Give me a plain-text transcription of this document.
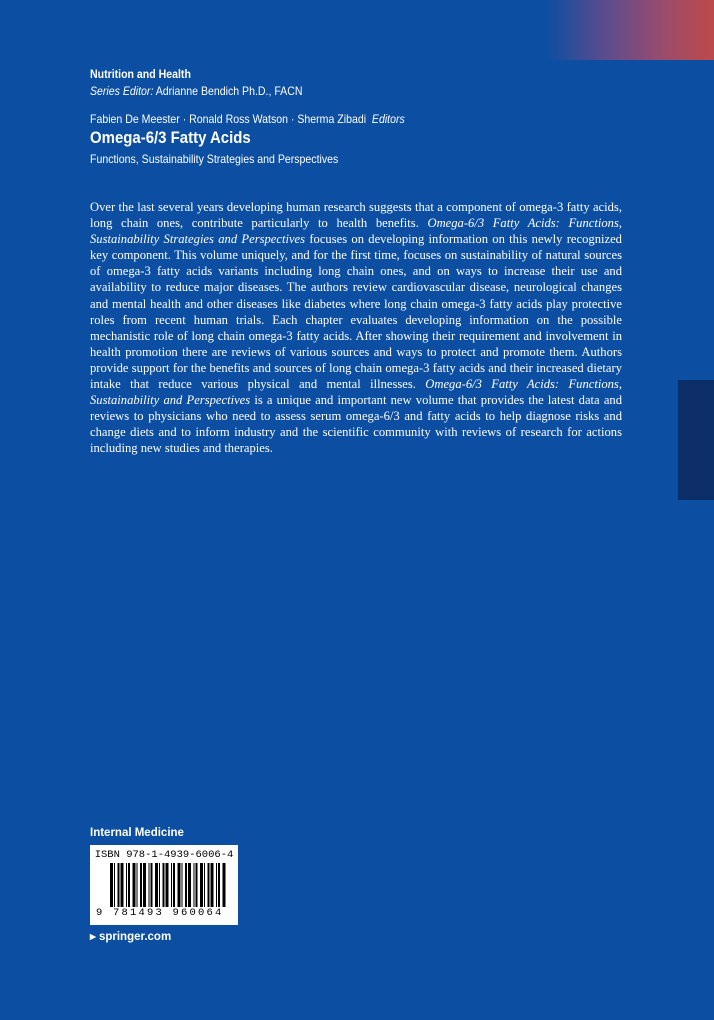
Nutrition and Health
Series Editor: Adrianne Bendich Ph.D., FACN
Fabien De Meester · Ronald Ross Watson · Sherma Zibadi Editors
Omega-6/3 Fatty Acids
Functions, Sustainability Strategies and Perspectives
Over the last several years developing human research suggests that a component of omega-3 fatty acids, long chain ones, contribute particularly to health benefits. Omega-6/3 Fatty Acids: Functions, Sustainability Strategies and Perspectives focuses on developing information on this newly recognized key component. This volume uniquely, and for the first time, focuses on sustainability of natural sources of omega-3 fatty acids variants including long chain ones, and on ways to increase their use and availability to reduce major diseases. The authors review cardiovascular disease, neurological changes and mental health and other diseases like diabetes where long chain omega-3 fatty acids play protective roles from recent human trials. Each chapter evaluates developing information on the possible mechanistic role of long chain omega-3 fatty acids. After showing their requirement and involvement in health promotion there are reviews of various sources and ways to protect and promote them. Authors provide support for the benefits and sources of long chain omega-3 fatty acids and their increased dietary intake that reduce various physical and mental illnesses. Omega-6/3 Fatty Acids: Functions, Sustainability and Perspectives is a unique and important new volume that provides the latest data and reviews to physicians who need to assess serum omega-6/3 and fatty acids to help diagnose risks and change diets and to inform industry and the scientific community with reviews of research for actions including new studies and therapies.
Internal Medicine
ISBN 978-1-4939-6006-4
9 781493 960064
▸ springer.com
